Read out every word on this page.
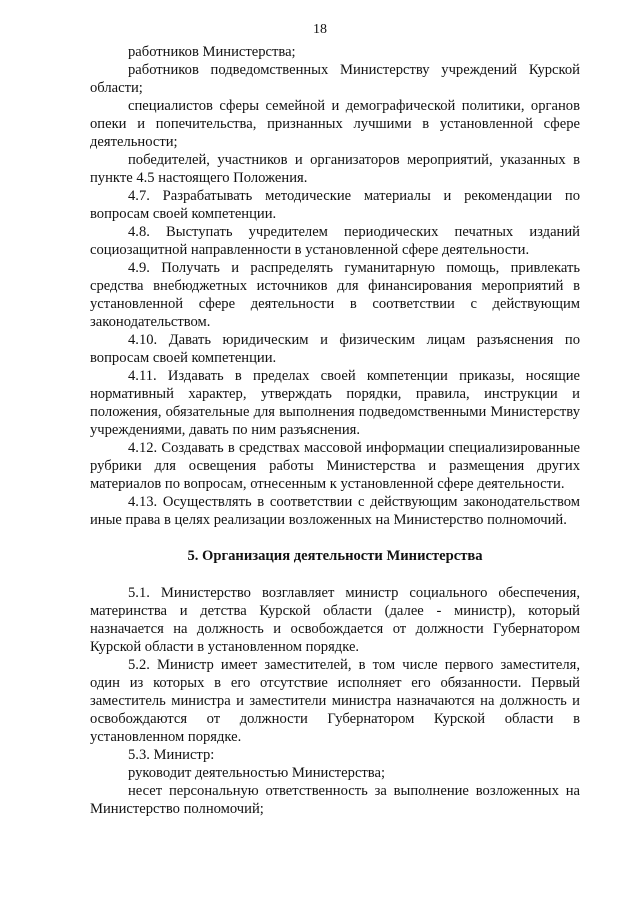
18

работников Министерства;

работников подведомственных Министерству учреждений Курской области;

специалистов сферы семейной и демографической политики, органов опеки и попечительства, признанных лучшими в установленной сфере деятельности;

победителей, участников и организаторов мероприятий, указанных в пункте 4.5 настоящего Положения.

4.7. Разрабатывать методические материалы и рекомендации по вопросам своей компетенции.

4.8. Выступать учредителем периодических печатных изданий социозащитной направленности в установленной сфере деятельности.

4.9. Получать и распределять гуманитарную помощь, привлекать средства внебюджетных источников для финансирования мероприятий в установленной сфере деятельности в соответствии с действующим законодательством.

4.10. Давать юридическим и физическим лицам разъяснения по вопросам своей компетенции.

4.11. Издавать в пределах своей компетенции приказы, носящие нормативный характер, утверждать порядки, правила, инструкции и положения, обязательные для выполнения подведомственными Министерству учреждениями, давать по ним разъяснения.

4.12. Создавать в средствах массовой информации специализированные рубрики для освещения работы Министерства и размещения других материалов по вопросам, отнесенным к установленной сфере деятельности.

4.13. Осуществлять в соответствии с действующим законодательством иные права в целях реализации возложенных на Министерство полномочий.

5. Организация деятельности Министерства

5.1. Министерство возглавляет министр социального обеспечения, материнства и детства Курской области (далее - министр), который назначается на должность и освобождается от должности Губернатором Курской области в установленном порядке.

5.2. Министр имеет заместителей, в том числе первого заместителя, один из которых в его отсутствие исполняет его обязанности. Первый заместитель министра и заместители министра назначаются на должность и освобождаются от должности Губернатором Курской области в установленном порядке.

5.3. Министр:

руководит деятельностью Министерства;

несет персональную ответственность за выполнение возложенных на Министерство полномочий;
